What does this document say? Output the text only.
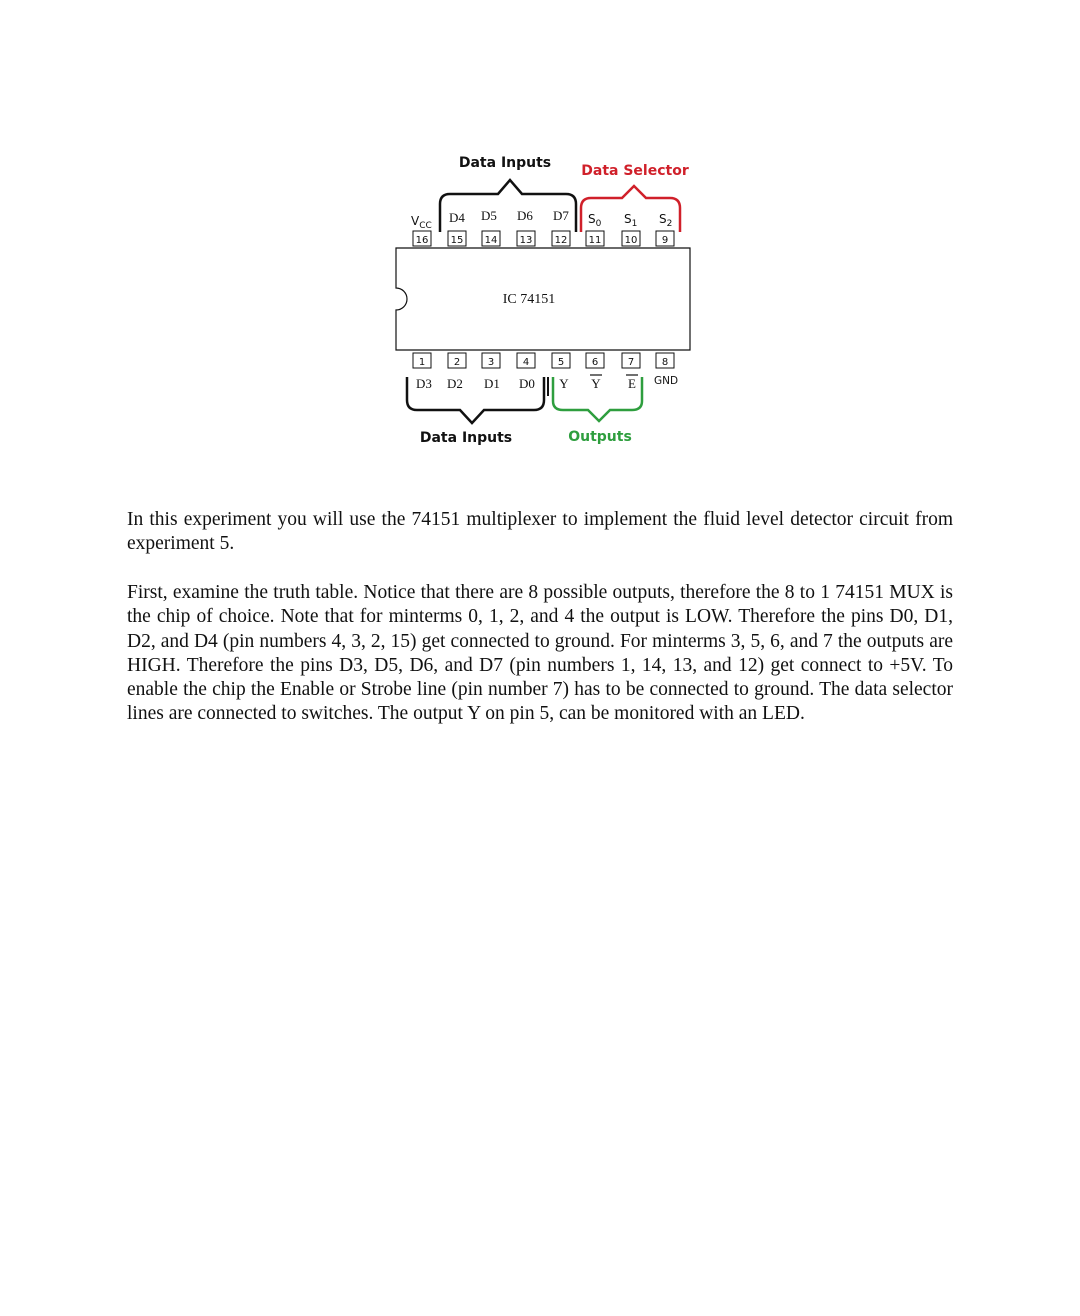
Data Inputs Data Selector
$V_{CC}$
D4 D5 D6 D7 $S_0$ $S_1$ $S_2$
16 15 14 13 12 11 10 9
IC 74151
1	2	3	4	5	6	7	8
D3 D2 D1 D0 Y Y E GND
Data Inputs	Outputs

In this experiment you will use the 74151 multiplexer to implement the fluid level detector circuit from experiment 5.

First, examine the truth table. Notice that there are 8 possible outputs, therefore the 8 to 1 74151 MUX is the chip of choice. Note that for minterms 0, 1, 2, and 4 the output is LOW. Therefore the pins D0, D1, D2, and D4 (pin numbers 4, 3, 2, 15) get connected to ground. For minterms 3, 5, 6, and 7 the outputs are HIGH. Therefore the pins D3, D5, D6, and D7 (pin numbers 1, 14, 13, and 12) get connect to +5V. To enable the chip the Enable or Strobe line (pin number 7) has to be connected to ground. The data selector lines are connected to switches. The output Y on pin 5, can be monitored with an LED.
